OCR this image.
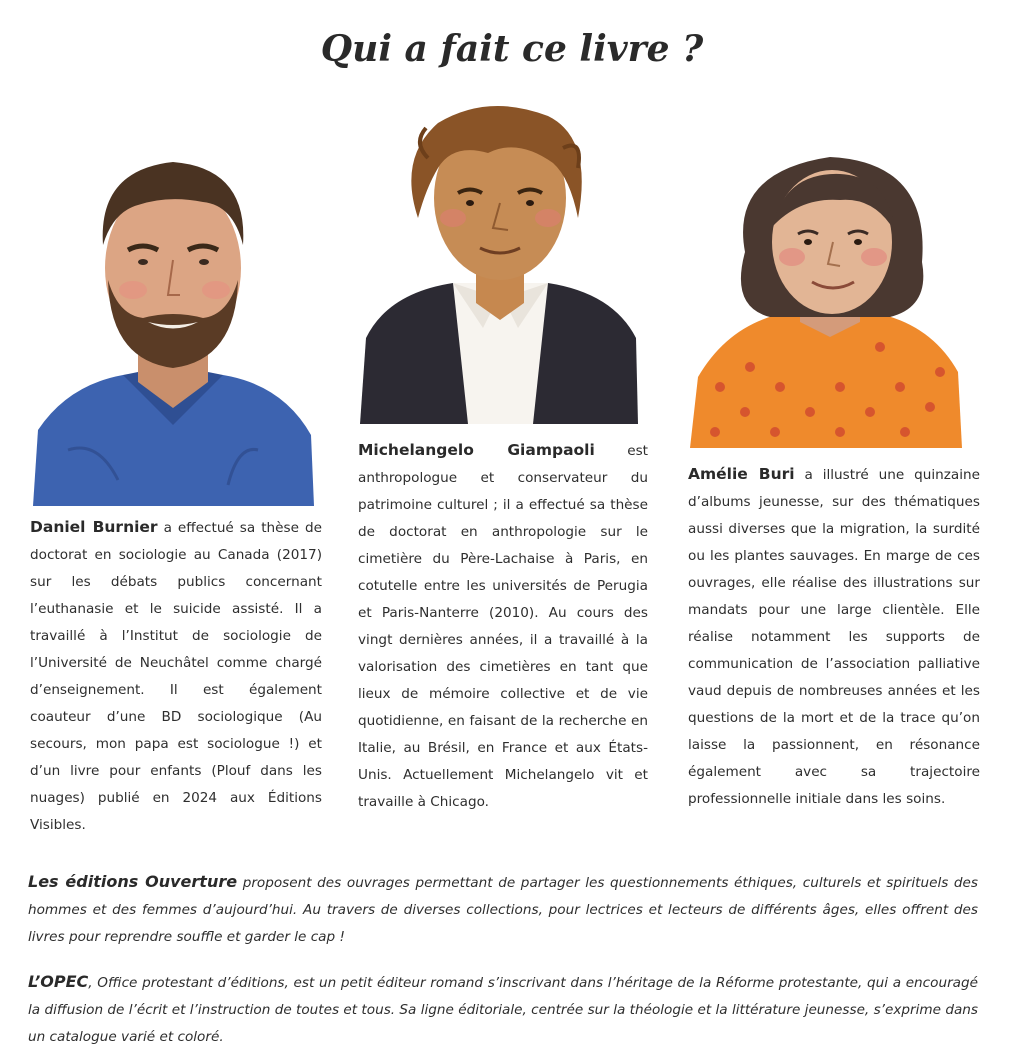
Qui a fait ce livre ?
Daniel Burnier a effectué sa thèse de doctorat en sociologie au Canada (2017) sur les débats publics concernant l’euthanasie et le suicide assisté. Il a travaillé à l’Institut de sociologie de l’Université de Neuchâtel comme chargé d’enseignement. Il est également coauteur d’une BD sociologique (Au secours, mon papa est sociologue !) et d’un livre pour enfants (Plouf dans les nuages) publié en 2024 aux Éditions Visibles.
Michelangelo Giampaoli est anthropologue et conservateur du patrimoine culturel ; il a effectué sa thèse de doctorat en anthropologie sur le cimetière du Père-Lachaise à Paris, en cotutelle entre les universités de Perugia et Paris-Nanterre (2010). Au cours des vingt dernières années, il a travaillé à la valorisation des cimetières en tant que lieux de mémoire collective et de vie quotidienne, en faisant de la recherche en Italie, au Brésil, en France et aux États-Unis. Actuellement Michelangelo vit et travaille à Chicago.
Amélie Buri a illustré une quinzaine d’albums jeunesse, sur des thématiques aussi diverses que la migration, la surdité ou les plantes sauvages. En marge de ces ouvrages, elle réalise des illustrations sur mandats pour une large clientèle. Elle réalise notamment les supports de communication de l’association palliative vaud depuis de nombreuses années et les questions de la mort et de la trace qu’on laisse la passionnent, en résonance également avec sa trajectoire professionnelle initiale dans les soins.
Les éditions Ouverture proposent des ouvrages permettant de partager les questionnements éthiques, culturels et spirituels des hommes et des femmes d’aujourd’hui. Au travers de diverses collections, pour lectrices et lecteurs de différents âges, elles offrent des livres pour reprendre souffle et garder le cap !
L’OPEC, Office protestant d’éditions, est un petit éditeur romand s’inscrivant dans l’héritage de la Réforme protestante, qui a encouragé la diffusion de l’écrit et l’instruction de toutes et tous. Sa ligne éditoriale, centrée sur la théologie et la littérature jeunesse, s’exprime dans un catalogue varié et coloré.
